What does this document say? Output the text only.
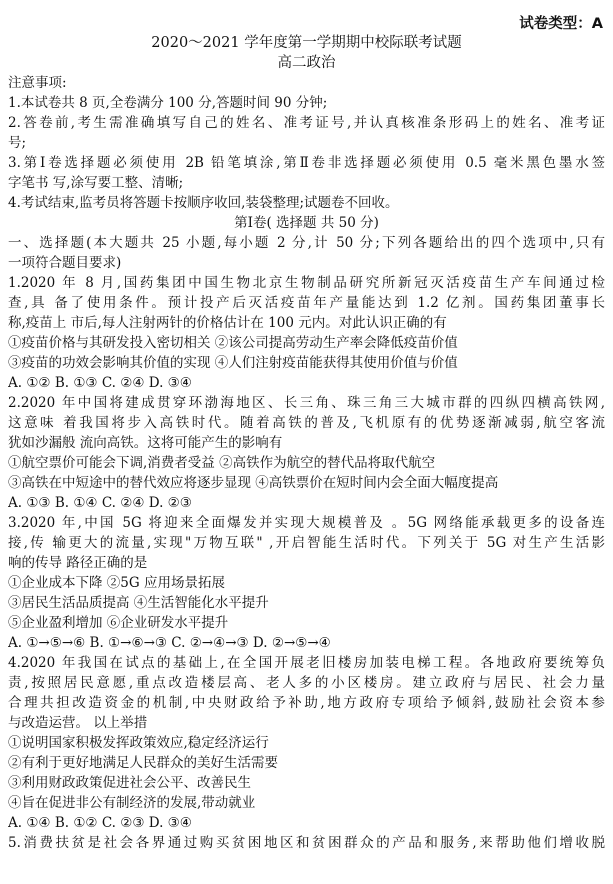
试卷类型：A
2020～2021 学年度第一学期期中校际联考试题
高二政治
注意事项:
1.本试卷共 8 页,全卷满分 100 分,答题时间 90 分钟;
2.答卷前,考生需准确填写自己的姓名、准考证号,并认真核准条形码上的姓名、准考证
号;
3.第Ⅰ卷选择题必须使用 2B 铅笔填涂,第Ⅱ卷非选择题必须使用 0.5 毫米黑色墨水签
字笔书 写,涂写要工整、清晰;
4.考试结束,监考员将答题卡按顺序收回,装袋整理;试题卷不回收。
第Ⅰ卷( 选择题 共 50 分)
一、选择题(本大题共 25 小题,每小题 2 分,计 50 分;下列各题给出的四个选项中,只有
一项符合题目要求)
1.2020 年 8 月,国药集团中国生物北京生物制品研究所新冠灭活疫苗生产车间通过检
查,具 备了使用条件。预计投产后灭活疫苗年产量能达到 1.2 亿剂。国药集团董事长
称,疫苗上 市后,每人注射两针的价格估计在 100 元内。对此认识正确的有
①疫苗价格与其研发投入密切相关 ②该公司提高劳动生产率会降低疫苗价值
③疫苗的功效会影响其价值的实现 ④人们注射疫苗能获得其使用价值与价值
A. ①② B. ①③ C. ②④ D. ③④
2.2020 年中国将建成贯穿环渤海地区、长三角、珠三角三大城市群的四纵四横高铁网,
这意味 着我国将步入高铁时代。随着高铁的普及,飞机原有的优势逐渐减弱,航空客流
犹如沙漏般 流向高铁。这将可能产生的影响有
①航空票价可能会下调,消费者受益 ②高铁作为航空的替代品将取代航空
③高铁在中短途中的替代效应将逐步显现 ④高铁票价在短时间内会全面大幅度提高
A. ①③ B. ①④ C. ②④ D. ②③
3.2020 年,中国 5G 将迎来全面爆发并实现大规模普及 。5G 网络能承载更多的设备连
接,传 输更大的流量,实现"万物互联" ,开启智能生活时代。下列关于 5G 对生产生活影
响的传导 路径正确的是
①企业成本下降 ②5G 应用场景拓展
③居民生活品质提高 ④生活智能化水平提升
⑤企业盈利增加 ⑥企业研发水平提升
A. ①→⑤→⑥ B. ①→⑥→③ C. ②→④→③ D. ②→⑤→④
4.2020 年我国在试点的基础上,在全国开展老旧楼房加装电梯工程。各地政府要统筹负
责,按照居民意愿,重点改造楼层高、老人多的小区楼房。建立政府与居民、社会力量
合理共担改造资金的机制,中央财政给予补助,地方政府专项给予倾斜,鼓励社会资本参
与改造运营。 以上举措
①说明国家积极发挥政策效应,稳定经济运行
②有利于更好地满足人民群众的美好生活需要
③利用财政政策促进社会公平、改善民生
④旨在促进非公有制经济的发展,带动就业
A. ①④ B. ①② C. ②③ D. ③④
5.消费扶贫是社会各界通过购买贫困地区和贫困群众的产品和服务,来帮助他们增收脱
